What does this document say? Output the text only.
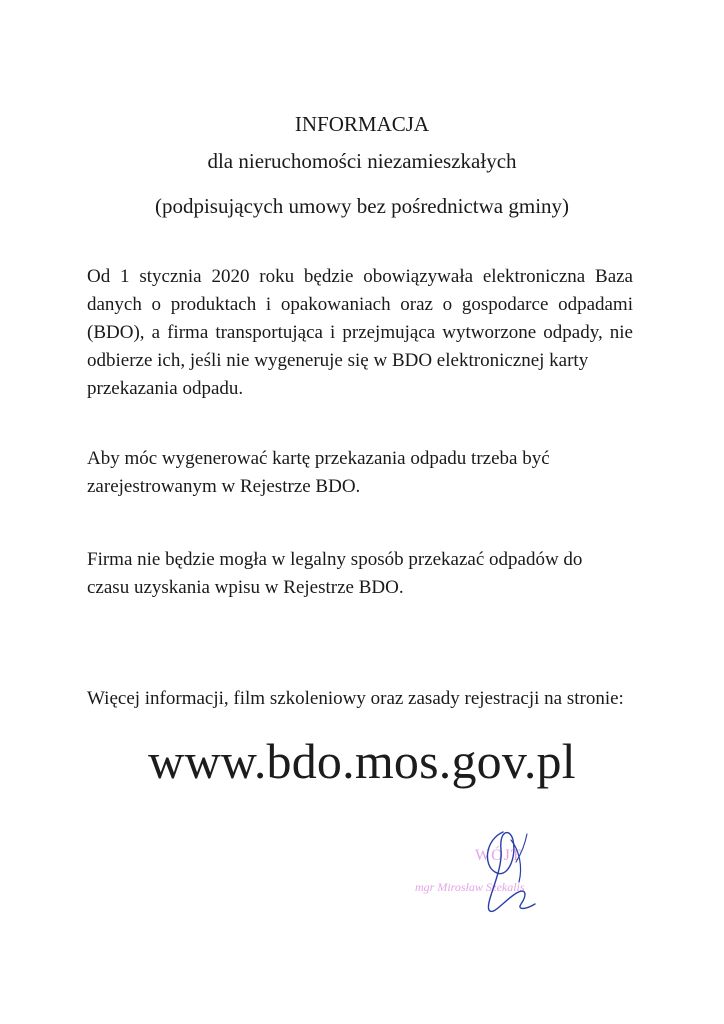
INFORMACJA
dla nieruchomości niezamieszkałych
(podpisujących umowy bez pośrednictwa gminy)
Od 1 stycznia 2020 roku będzie obowiązywała elektroniczna Baza danych o produktach i opakowaniach oraz o gospodarce odpadami (BDO), a firma transportująca i przejmująca wytworzone odpady, nie odbierze ich, jeśli nie wygeneruje się w BDO elektronicznej karty
przekazania odpadu.
Aby móc wygenerować kartę przekazania odpadu trzeba być
zarejestrowanym w Rejestrze BDO.
Firma nie będzie mogła w legalny sposób przekazać odpadów do
czasu uzyskania wpisu w Rejestrze BDO.
Więcej informacji, film szkoleniowy oraz zasady rejestracji na stronie:
www.bdo.mos.gov.pl
WÓJT
mgr Mirosław Szekalis
